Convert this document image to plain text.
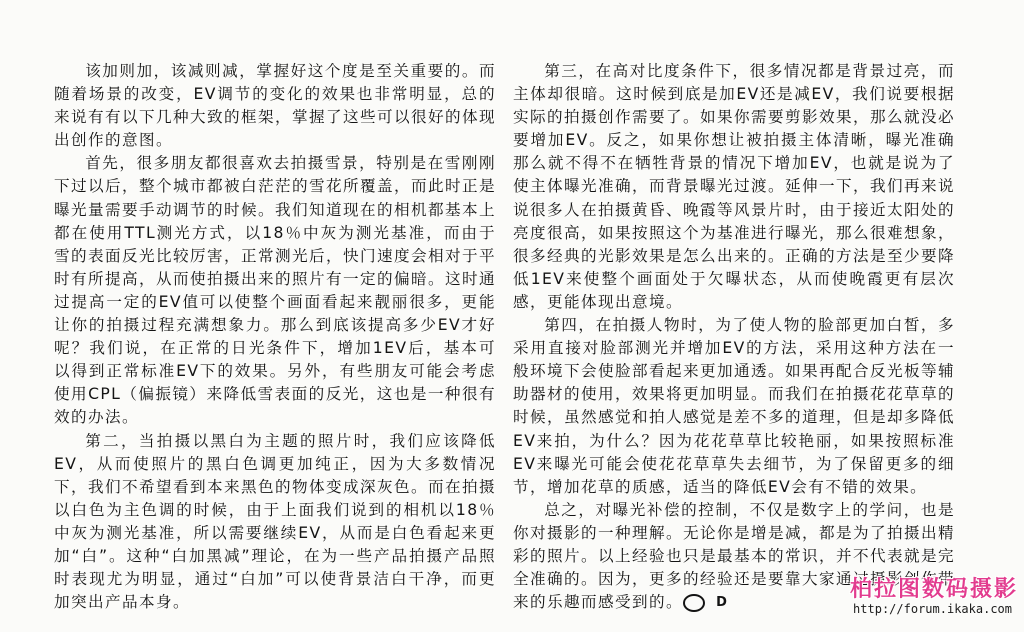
该加则加，该减则减，掌握好这个度是至关重要的。而随着场景的改变，EV调节的变化的效果也非常明显，总的来说有有以下几种大致的框架，掌握了这些可以很好的体现出创作的意图。

首先，很多朋友都很喜欢去拍摄雪景，特别是在雪刚刚下过以后，整个城市都被白茫茫的雪花所覆盖，而此时正是曝光量需要手动调节的时候。我们知道现在的相机都基本上都在使用TTL测光方式，以18％中灰为测光基准，而由于雪的表面反光比较厉害，正常测光后，快门速度会相对于平时有所提高，从而使拍摄出来的照片有一定的偏暗。这时通过提高一定的EV值可以使整个画面看起来靓丽很多，更能让你的拍摄过程充满想象力。那么到底该提高多少EV才好呢？我们说，在正常的日光条件下，增加1EV后，基本可以得到正常标准EV下的效果。另外，有些朋友可能会考虑使用CPL（偏振镜）来降低雪表面的反光，这也是一种很有效的办法。

第二，当拍摄以黑白为主题的照片时，我们应该降低EV，从而使照片的黑白色调更加纯正，因为大多数情况下，我们不希望看到本来黑色的物体变成深灰色。而在拍摄以白色为主色调的时候，由于上面我们说到的相机以18％中灰为测光基准，所以需要继续EV，从而是白色看起来更加“白”。这种“白加黑减”理论，在为一些产品拍摄产品照时表现尤为明显，通过“白加”可以使背景洁白干净，而更加突出产品本身。

第三，在高对比度条件下，很多情况都是背景过亮，而主体却很暗。这时候到底是加EV还是减EV，我们说要根据实际的拍摄创作需要了。如果你需要剪影效果，那么就没必要增加EV。反之，如果你想让被拍摄主体清晰，曝光准确那么就不得不在牺牲背景的情况下增加EV，也就是说为了使主体曝光准确，而背景曝光过渡。延伸一下，我们再来说说很多人在拍摄黄昏、晚霞等风景片时，由于接近太阳处的亮度很高，如果按照这个为基准进行曝光，那么很难想象，很多经典的光影效果是怎么出来的。正确的方法是至少要降低1EV来使整个画面处于欠曝状态，从而使晚霞更有层次感，更能体现出意境。

第四，在拍摄人物时，为了使人物的脸部更加白皙，多采用直接对脸部测光并增加EV的方法，采用这种方法在一般环境下会使脸部看起来更加通透。如果再配合反光板等辅助器材的使用，效果将更加明显。而我们在拍摄花花草草的时候，虽然感觉和拍人感觉是差不多的道理，但是却多降低EV来拍，为什么？因为花花草草比较艳丽，如果按照标准EV来曝光可能会使花花草草失去细节，为了保留更多的细节，增加花草的质感，适当的降低EV会有不错的效果。

总之，对曝光补偿的控制，不仅是数字上的学问，也是你对摄影的一种理解。无论你是增是减，都是为了拍摄出精彩的照片。以上经验也只是最基本的常识，并不代表就是完全准确的。因为，更多的经验还是要靠大家通过摄影创作带来的乐趣而感受到的。	D

柏拉图数码摄影
http://forum.ikaka.com
